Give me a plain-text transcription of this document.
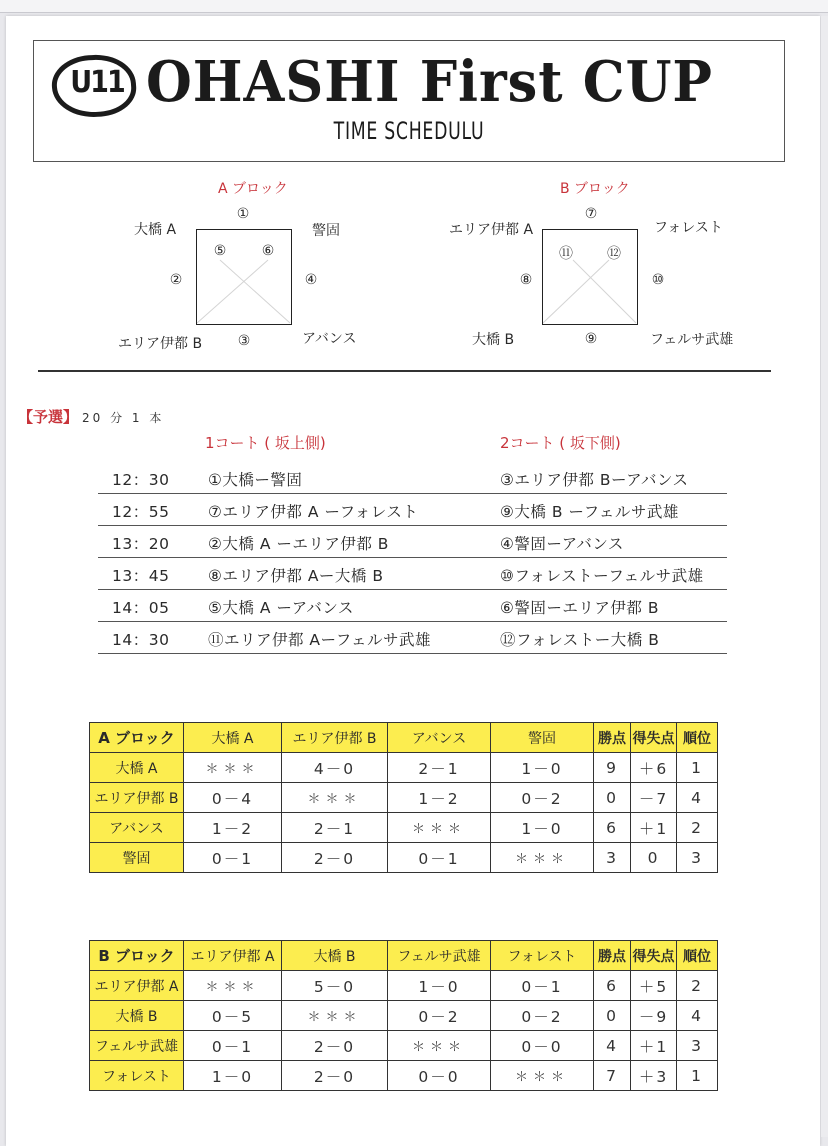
U11 OHASHI First CUP
TIME SCHEDULU
A ブロック
①
大橋 A	警固
⑤	⑥
②	④
エリア伊都 B	③	アバンス
B ブロック
⑦
エリア伊都 A	フォレスト
⑪	⑫
⑧	⑩
大橋 B	⑨	フェルサ武雄
【予選】 20 分 1 本
1コート ( 坂上側)	2コート ( 坂下側)
12：30 ①大橋ー警固	③エリア伊都 Bーアバンス
12：55 ⑦エリア伊都 A ーフォレスト	⑨大橋 B ーフェルサ武雄
13：20 ②大橋 A ーエリア伊都 B	④警固ーアバンス
13：45 ⑧エリア伊都 Aー大橋 B	⑩フォレストーフェルサ武雄
14：05 ⑤大橋 A ーアバンス	⑥警固ーエリア伊都 B
14：30 ⑪エリア伊都 Aーフェルサ武雄	⑫フォレストー大橋 B
A ブロック	大橋 A	エリア伊都 B	アバンス	警固	勝点	得失点	順位
大橋 A	＊＊＊	4－0	2－1	1－0	9	＋6	1
エリア伊都 B	0－4	＊＊＊	1－2	0－2	0	－7	4
アバンス	1－2	2－1	＊＊＊	1－0	6	＋1	2
警固	0－1	2－0	0－1	＊＊＊	3	0	3
B ブロック	エリア伊都 A	大橋 B	フェルサ武雄	フォレスト	勝点	得失点	順位
エリア伊都 A	＊＊＊	5－0	1－0	0－1	6	＋5	2
大橋 B	0－5	＊＊＊	0－2	0－2	0	－9	4
フェルサ武雄	0－1	2－0	＊＊＊	0－0	4	＋1	3
フォレスト	1－0	2－0	0－0	＊＊＊	7	＋3	1
